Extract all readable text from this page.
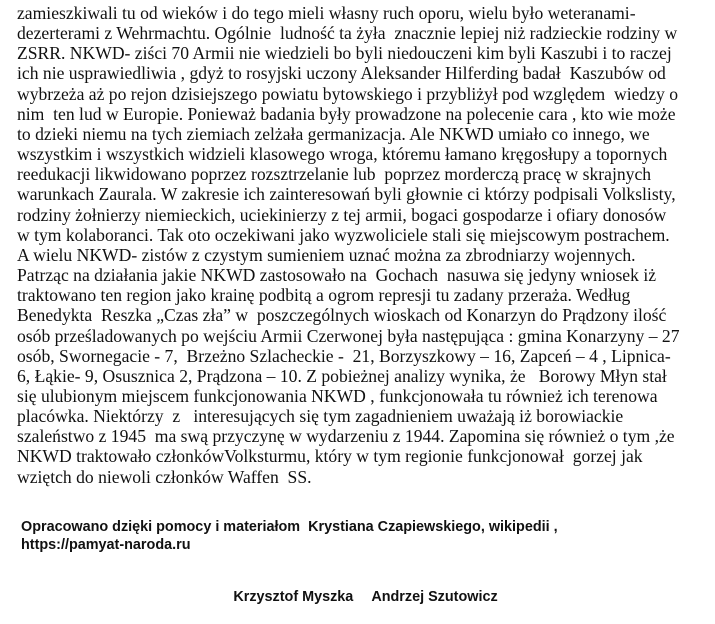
zamieszkiwali tu od wieków i do tego mieli własny ruch oporu, wielu było weteranami-
dezerterami z Wehrmachtu. Ogólnie  ludność ta żyła  znacznie lepiej niż radzieckie rodziny w
ZSRR. NKWD- ziści 70 Armii nie wiedzieli bo byli niedouczeni kim byli Kaszubi i to raczej
ich nie usprawiedliwia , gdyż to rosyjski uczony Aleksander Hilferding badał  Kaszubów od
wybrzeża aż po rejon dzisiejszego powiatu bytowskiego i przybliżył pod względem  wiedzy o
nim  ten lud w Europie. Ponieważ badania były prowadzone na polecenie cara , kto wie może
to dzieki niemu na tych ziemiach zelżała germanizacja. Ale NKWD umiało co innego, we
wszystkim i wszystkich widzieli klasowego wroga, któremu łamano kręgosłupy a topornych
reedukacji likwidowano poprzez rozsztrzelanie lub  poprzez morderczą pracę w skrajnych
warunkach Zaurala. W zakresie ich zainteresowań byli głownie ci którzy podpisali Volkslisty,
rodziny żołnierzy niemieckich, uciekinierzy z tej armii, bogaci gospodarze i ofiary donosów
w tym kolaboranci. Tak oto oczekiwani jako wyzwoliciele stali się miejscowym postrachem.
A wielu NKWD- zistów z czystym sumieniem uznać można za zbrodniarzy wojennych.
Patrząc na działania jakie NKWD zastosowało na  Gochach  nasuwa się jedyny wniosek iż
traktowano ten region jako krainę podbitą a ogrom represji tu zadany przeraża. Według
Benedykta  Reszka „Czas zła” w  poszczególnych wioskach od Konarzyn do Prądzony ilość
osób prześladowanych po wejściu Armii Czerwonej była następująca : gmina Konarzyny – 27
osób, Swornegacie - 7,  Brzeżno Szlacheckie -  21, Borzyszkowy – 16, Zapceń – 4 , Lipnica-
6, Łąkie- 9, Osusznica 2, Prądzona – 10. Z pobieżnej analizy wynika, że   Borowy Młyn stał
się ulubionym miejscem funkcjonowania NKWD , funkcjonowała tu również ich terenowa
placówka. Niektórzy  z   interesujących się tym zagadnieniem uważają iż borowiackie
szaleństwo z 1945  ma swą przyczynę w wydarzeniu z 1944. Zapomina się również o tym ,że
NKWD traktowało członkówVolksturmu, który w tym regionie funkcjonował  gorzej jak
wziętch do niewoli członków Waffen  SS.
Opracowano dzięki pomocy i materiałom  Krystiana Czapiewskiego, wikipedii ,
https://pamyat-naroda.ru

Krzysztof Myszka Andrzej Szutowicz
